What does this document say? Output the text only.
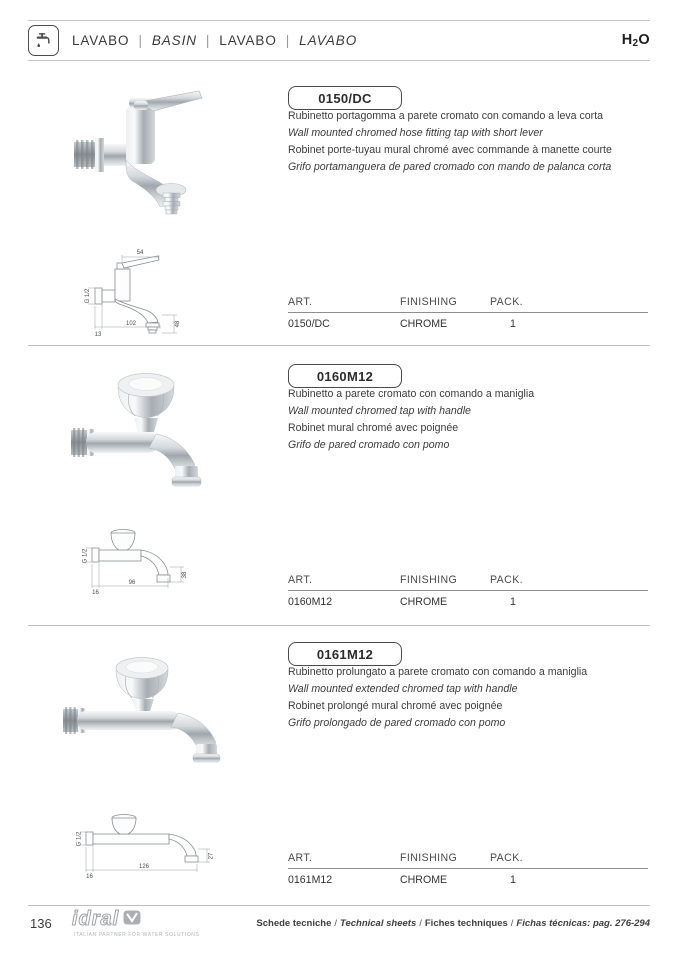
LAVABO | BASIN | LAVABO | LAVABO	$H_2O$
54
G 1/2
48
13
102
0150/DC

Rubinetto portagomma a parete cromato con comando a leva corta

Wall mounted chromed hose fitting tap with short lever

Robinet porte-tuyau mural chromé avec commande à manette courte

Grifo portamanguera de pared cromado con mando de palanca corta

ART.	FINISHING	PACK.
0150/DC	CHROME	1
G 1/2
38
16
96
0160M12

Rubinetto a parete cromato con comando a maniglia

Wall mounted chromed tap with handle

Robinet mural chromé avec poignée

Grifo de pared cromado con pomo

ART.	FINISHING	PACK.
0160M12	CHROME	1
G 1/2
27
16
126
0161M12

Rubinetto prolungato a parete cromato con comando a maniglia

Wall mounted extended chromed tap with handle

Robinet prolongé mural chromé avec poignée

Grifo prolongado de pared cromado con pomo

ART.	FINISHING	PACK.
0161M12	CHROME	1
136 idral
ITALIAN PARTNER FOR WATER SOLUTIONS
Schede tecniche / Technical sheets / Fiches techniques / Fichas técnicas: pag. 276-294
